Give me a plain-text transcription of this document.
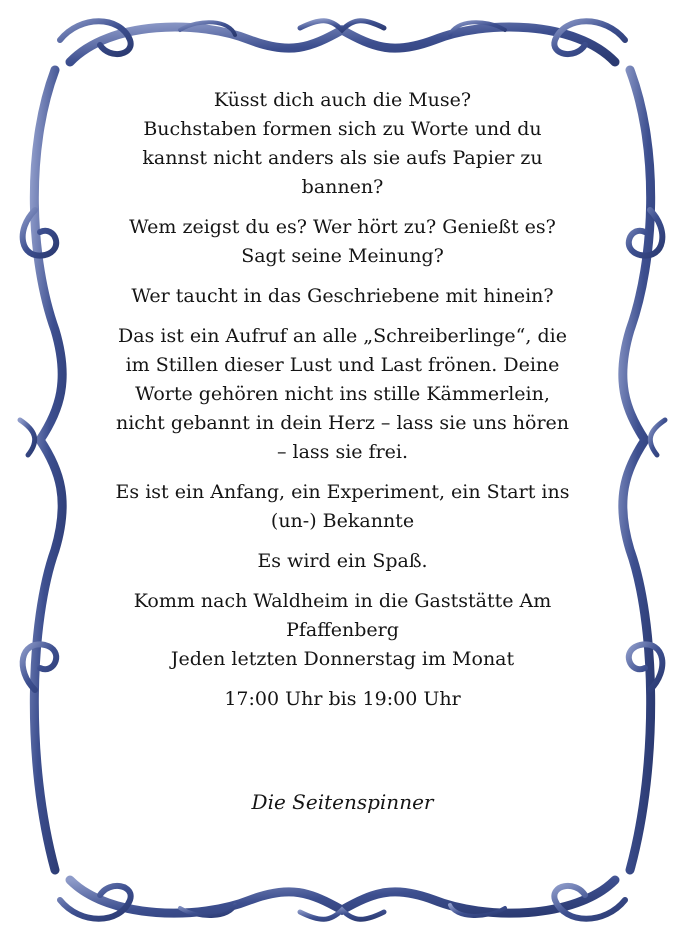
Küsst dich auch die Muse?
Buchstaben formen sich zu Worte und du
kannst nicht anders als sie aufs Papier zu
bannen?

Wem zeigst du es? Wer hört zu? Genießt es?
Sagt seine Meinung?

Wer taucht in das Geschriebene mit hinein?

Das ist ein Aufruf an alle „Schreiberlinge“, die
im Stillen dieser Lust und Last frönen. Deine
Worte gehören nicht ins stille Kämmerlein,
nicht gebannt in dein Herz – lass sie uns hören
– lass sie frei.

Es ist ein Anfang, ein Experiment, ein Start ins
(un-) Bekannte

Es wird ein Spaß.

Komm nach Waldheim in die Gaststätte Am
Pfaffenberg
Jeden letzten Donnerstag im Monat

17:00 Uhr bis 19:00 Uhr

Die Seitenspinner
